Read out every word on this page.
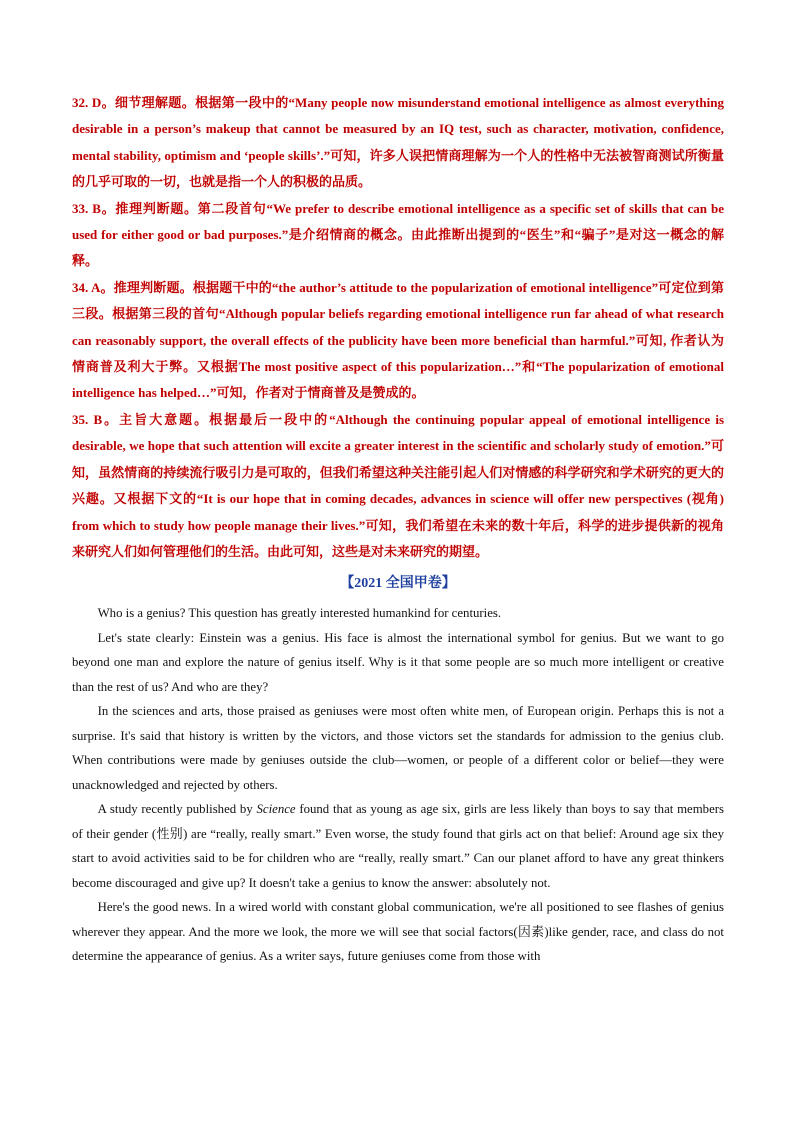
32. D。细节理解题。根据第一段中的“Many people now misunderstand emotional intelligence as almost everything desirable in a person’s makeup that cannot be measured by an IQ test, such as character, motivation, confidence, mental stability, optimism and ‘people skills’.”可知，许多人误把情商理解为一个人的性格中无法被智商测试所衡量的几乎可取的一切，也就是指一个人的积极的品质。

33. B。推理判断题。第二段首句“We prefer to describe emotional intelligence as a specific set of skills that can be used for either good or bad purposes.”是介绍情商的概念。由此推断出提到的“医生”和“骗子”是对这一概念的解释。

34. A。推理判断题。根据题干中的“the author’s attitude to the popularization of emotional intelligence”可定位到第三段。根据第三段的首句“Although popular beliefs regarding emotional intelligence run far ahead of what research can reasonably support, the overall effects of the publicity have been more beneficial than harmful.”可知, 作者认为情商普及利大于弊。又根据The most positive aspect of this popularization…”和“The popularization of emotional intelligence has helped…”可知，作者对于情商普及是赞成的。

35. B。主旨大意题。根据最后一段中的“Although the continuing popular appeal of emotional intelligence is desirable, we hope that such attention will excite a greater interest in the scientific and scholarly study of emotion.”可知，虽然情商的持续流行吸引力是可取的，但我们希望这种关注能引起人们对情感的科学研究和学术研究的更大的兴趣。又根据下文的“It is our hope that in coming decades, advances in science will offer new perspectives (视角) from which to study how people manage their lives.”可知，我们希望在未来的数十年后，科学的进步提供新的视角来研究人们如何管理他们的生活。由此可知，这些是对未来研究的期望。

【2021 全国甲卷】

Who is a genius? This question has greatly interested humankind for centuries.

Let's state clearly: Einstein was a genius. His face is almost the international symbol for genius. But we want to go beyond one man and explore the nature of genius itself. Why is it that some people are so much more intelligent or creative than the rest of us? And who are they?

In the sciences and arts, those praised as geniuses were most often white men, of European origin. Perhaps this is not a surprise. It's said that history is written by the victors, and those victors set the standards for admission to the genius club. When contributions were made by geniuses outside the club—women, or people of a different color or belief—they were unacknowledged and rejected by others.

A study recently published by Science found that as young as age six, girls are less likely than boys to say that members of their gender (性别) are “really, really smart.” Even worse, the study found that girls act on that belief: Around age six they start to avoid activities said to be for children who are “really, really smart.” Can our planet afford to have any great thinkers become discouraged and give up? It doesn't take a genius to know the answer: absolutely not.

Here's the good news. In a wired world with constant global communication, we're all positioned to see flashes of genius wherever they appear. And the more we look, the more we will see that social factors(因素)like gender, race, and class do not determine the appearance of genius. As a writer says, future geniuses come from those with
